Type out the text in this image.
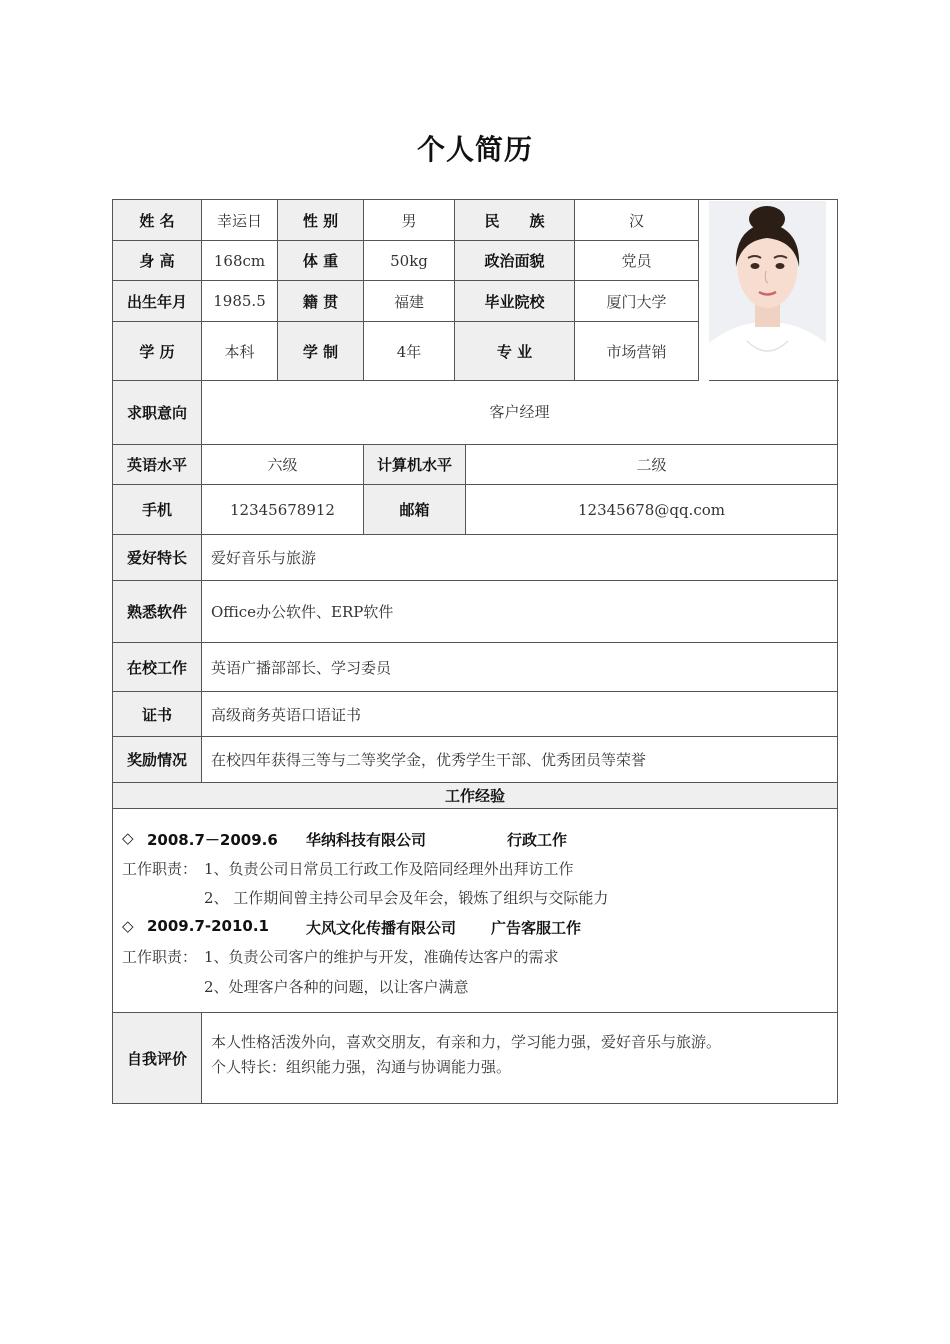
个人简历
姓 名	幸运日	性 别	男	民　　族	汉
身 高	168cm	体 重	50kg	政治面貌	党员
出生年月	1985.5	籍 贯	福建	毕业院校	厦门大学
学 历	本科	学 制	4年	专 业	市场营销
求职意向	客户经理
英语水平	六级	计算机水平	二级
手机	12345678912	邮箱	12345678@qq.com
爱好特长	爱好音乐与旅游
熟悉软件	Office办公软件、ERP软件
在校工作	英语广播部部长、学习委员
证书	高级商务英语口语证书
奖励情况	在校四年获得三等与二等奖学金，优秀学生干部、优秀团员等荣誉
工作经验
◇ 2008.7－2009.6 华纳科技有限公司	行政工作
工作职责： 1、负责公司日常员工行政工作及陪同经理外出拜访工作
2、 工作期间曾主持公司早会及年会，锻炼了组织与交际能力
◇ 2009.7-2010.1 大风文化传播有限公司 广告客服工作
工作职责： 1、负责公司客户的维护与开发，准确传达客户的需求
2、处理客户各种的问题，以让客户满意
自我评价
本人性格活泼外向，喜欢交朋友，有亲和力，学习能力强，爱好音乐与旅游。
个人特长：组织能力强，沟通与协调能力强。
